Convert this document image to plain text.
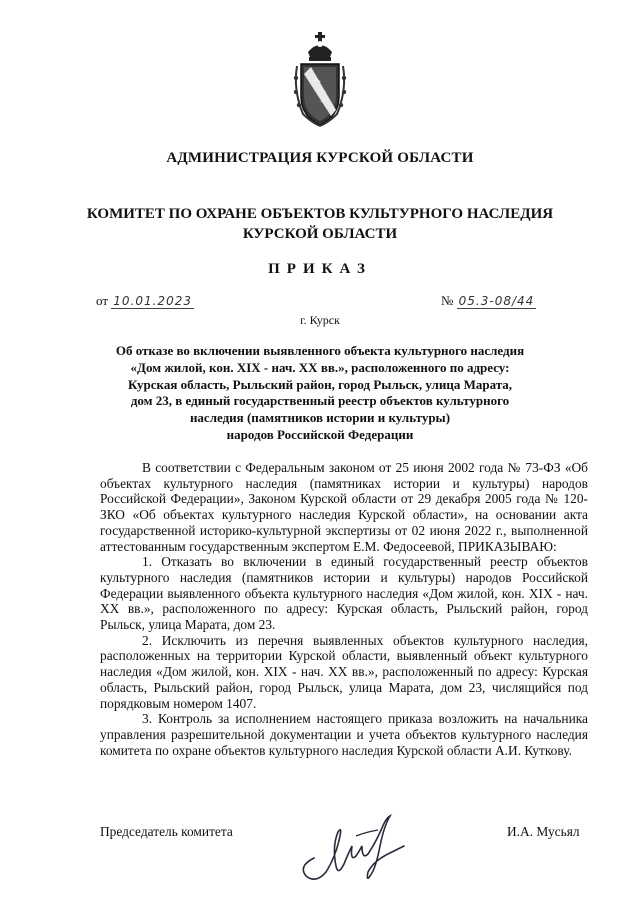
АДМИНИСТРАЦИЯ КУРСКОЙ ОБЛАСТИ
КОМИТЕТ ПО ОХРАНЕ ОБЪЕКТОВ КУЛЬТУРНОГО НАСЛЕДИЯ
КУРСКОЙ ОБЛАСТИ
ПРИКАЗ
от 10.01.2023	№ 05.3-08/44
г. Курск
Об отказе во включении выявленного объекта культурного наследия
«Дом жилой, кон. XIX - нач. XX вв.», расположенного по адресу:
Курская область, Рыльский район, город Рыльск, улица Марата,
дом 23, в единый государственный реестр объектов культурного
наследия (памятников истории и культуры)
народов Российской Федерации

В соответствии с Федеральным законом от 25 июня 2002 года № 73-ФЗ «Об объектах культурного наследия (памятниках истории и культуры) народов Российской Федерации», Законом Курской области от 29 декабря 2005 года № 120-ЗКО «Об объектах культурного наследия Курской области», на основании акта государственной историко-культурной экспертизы от 02 июня 2022 г., выполненной аттестованным государственным экспертом Е.М. Федосеевой, ПРИКАЗЫВАЮ:

1. Отказать во включении в единый государственный реестр объектов культурного наследия (памятников истории и культуры) народов Российской Федерации выявленного объекта культурного наследия «Дом жилой, кон. XIX - нач. XX вв.», расположенного по адресу: Курская область, Рыльский район, город Рыльск, улица Марата, дом 23.

2. Исключить из перечня выявленных объектов культурного наследия, расположенных на территории Курской области, выявленный объект культурного наследия «Дом жилой, кон. XIX - нач. XX вв.», расположенный по адресу: Курская область, Рыльский район, город Рыльск, улица Марата, дом 23, числящийся под порядковым номером 1407.

3. Контроль за исполнением настоящего приказа возложить на начальника управления разрешительной документации и учета объектов культурного наследия комитета по охране объектов культурного наследия Курской области А.И. Куткову.

Председатель комитета	И.А. Мусьял
